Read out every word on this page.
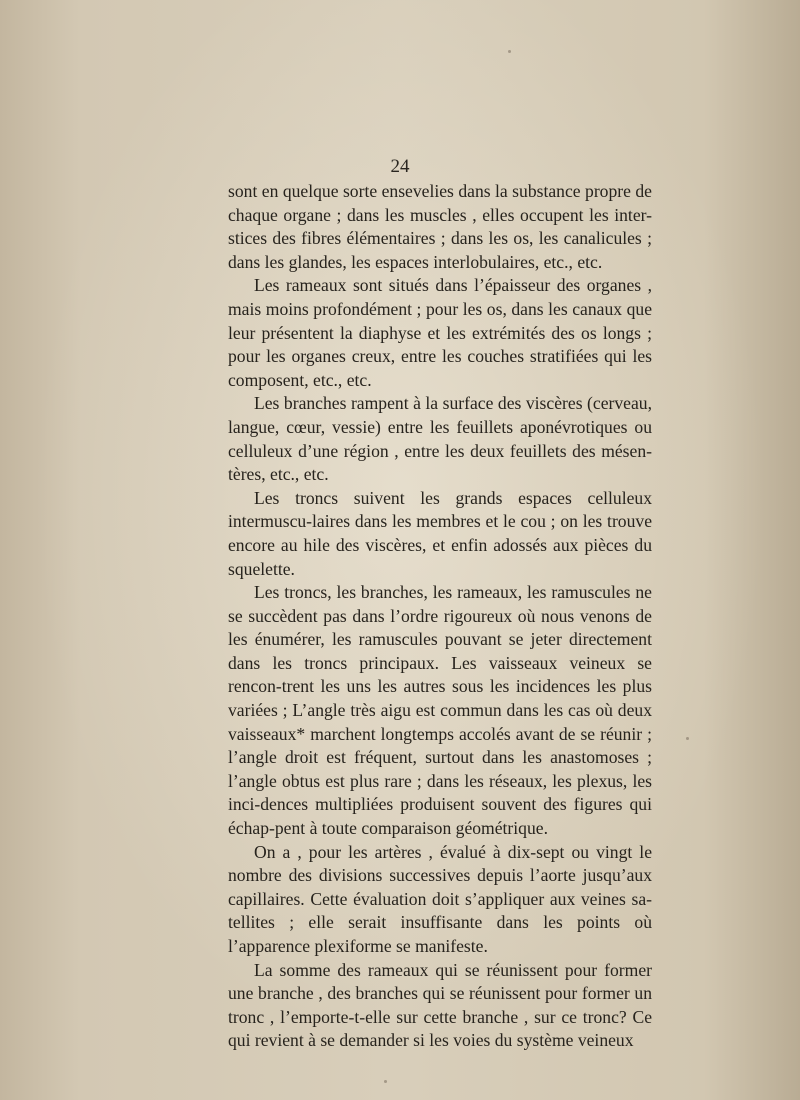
24

sont en quelque sorte ensevelies dans la substance propre de chaque organe ; dans les muscles , elles occupent les inter-stices des fibres élémentaires ; dans les os, les canalicules ; dans les glandes, les espaces interlobulaires, etc., etc.

Les rameaux sont situés dans l’épaisseur des organes , mais moins profondément ; pour les os, dans les canaux que leur présentent la diaphyse et les extrémités des os longs ; pour les organes creux, entre les couches stratifiées qui les composent, etc., etc.

Les branches rampent à la surface des viscères (cerveau, langue, cœur, vessie) entre les feuillets aponévrotiques ou celluleux d’une région , entre les deux feuillets des mésen-tères, etc., etc.

Les troncs suivent les grands espaces celluleux intermuscu-laires dans les membres et le cou ; on les trouve encore au hile des viscères, et enfin adossés aux pièces du squelette.

Les troncs, les branches, les rameaux, les ramuscules ne se succèdent pas dans l’ordre rigoureux où nous venons de les énumérer, les ramuscules pouvant se jeter directement dans les troncs principaux. Les vaisseaux veineux se rencon-trent les uns les autres sous les incidences les plus variées ; L’angle très aigu est commun dans les cas où deux vaisseaux* marchent longtemps accolés avant de se réunir ; l’angle droit est fréquent, surtout dans les anastomoses ; l’angle obtus est plus rare ; dans les réseaux, les plexus, les inci-dences multipliées produisent souvent des figures qui échap-pent à toute comparaison géométrique.

On a , pour les artères , évalué à dix-sept ou vingt le nombre des divisions successives depuis l’aorte jusqu’aux capillaires. Cette évaluation doit s’appliquer aux veines sa-tellites ; elle serait insuffisante dans les points où l’apparence plexiforme se manifeste.

La somme des rameaux qui se réunissent pour former une branche , des branches qui se réunissent pour former un tronc , l’emporte-t-elle sur cette branche , sur ce tronc? Ce qui revient à se demander si les voies du système veineux
